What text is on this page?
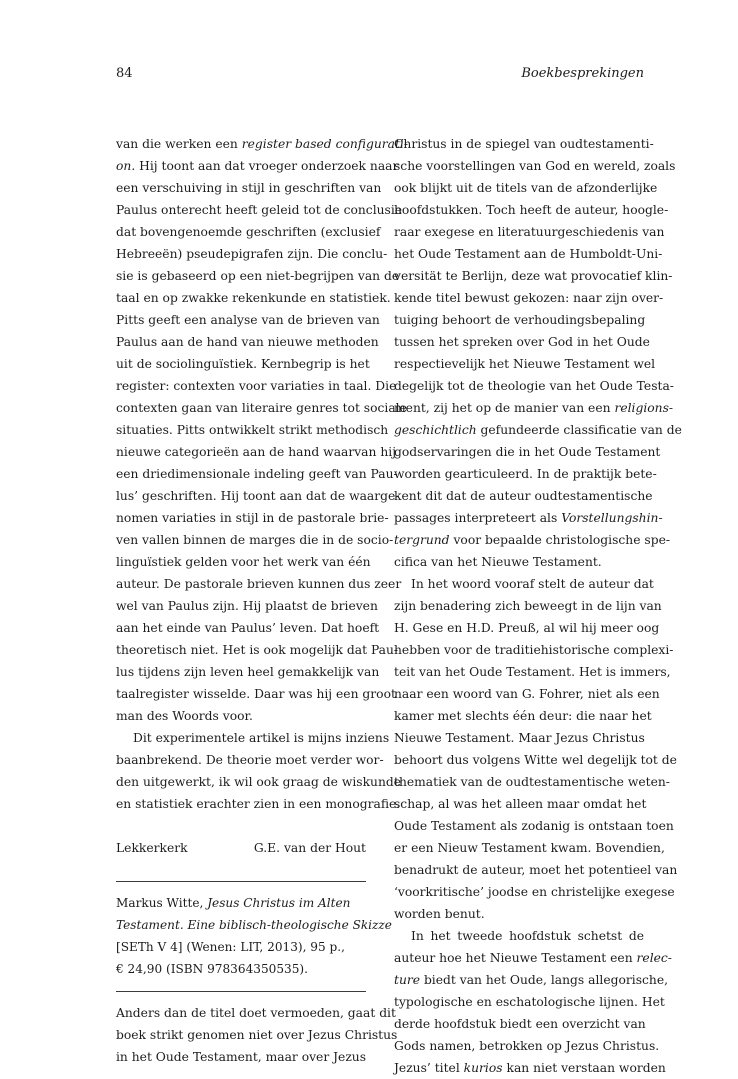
84	Boekbesprekingen
van die werken een register based configurati-
on. Hij toont aan dat vroeger onderzoek naar
een verschuiving in stijl in geschriften van
Paulus onterecht heeft geleid tot de conclusie
dat bovengenoemde geschriften (exclusief
Hebreeën) pseudepigrafen zijn. Die conclu-
sie is gebaseerd op een niet-begrijpen van de
taal en op zwakke rekenkunde en statistiek.
Pitts geeft een analyse van de brieven van
Paulus aan de hand van nieuwe methoden
uit de sociolinguïstiek. Kernbegrip is het
register: contexten voor variaties in taal. Die
contexten gaan van literaire genres tot sociale
situaties. Pitts ontwikkelt strikt methodisch
nieuwe categorieën aan de hand waarvan hij
een driedimensionale indeling geeft van Pau-
lus’ geschriften. Hij toont aan dat de waarge-
nomen variaties in stijl in de pastorale brie-
ven vallen binnen de marges die in de socio-
linguïstiek gelden voor het werk van één
auteur. De pastorale brieven kunnen dus zeer
wel van Paulus zijn. Hij plaatst de brieven
aan het einde van Paulus’ leven. Dat hoeft
theoretisch niet. Het is ook mogelijk dat Pau-
lus tijdens zijn leven heel gemakkelijk van
taalregister wisselde. Daar was hij een groot
man des Woords voor.
Dit experimentele artikel is mijns inziens
baanbrekend. De theorie moet verder wor-
den uitgewerkt, ik wil ook graag de wiskunde
en statistiek erachter zien in een monografie.
Lekkerkerk	G.E. van der Hout
Markus Witte, Jesus Christus im Alten
Testament. Eine biblisch-theologische Skizze
[SETh V 4] (Wenen: LIT, 2013), 95 p.,
€ 24,90 (ISBN 978364350535).
Anders dan de titel doet vermoeden, gaat dit
boek strikt genomen niet over Jezus Christus
in het Oude Testament, maar over Jezus
Christus in de spiegel van oudtestamenti-
sche voorstellingen van God en wereld, zoals
ook blijkt uit de titels van de afzonderlijke
hoofdstukken. Toch heeft de auteur, hoogle-
raar exegese en literatuurgeschiedenis van
het Oude Testament aan de Humboldt-Uni-
versität te Berlijn, deze wat provocatief klin-
kende titel bewust gekozen: naar zijn over-
tuiging behoort de verhoudingsbepaling
tussen het spreken over God in het Oude
respectievelijk het Nieuwe Testament wel
degelijk tot de theologie van het Oude Testa-
ment, zij het op de manier van een religions-
geschichtlich gefundeerde classificatie van de
godservaringen die in het Oude Testament
worden gearticuleerd. In de praktijk bete-
kent dit dat de auteur oudtestamentische
passages interpreteert als Vorstellungshin-
tergrund voor bepaalde christologische spe-
cifica van het Nieuwe Testament.
In het woord vooraf stelt de auteur dat
zijn benadering zich beweegt in de lijn van
H. Gese en H.D. Preuß, al wil hij meer oog
hebben voor de traditiehistorische complexi-
teit van het Oude Testament. Het is immers,
naar een woord van G. Fohrer, niet als een
kamer met slechts één deur: die naar het
Nieuwe Testament. Maar Jezus Christus
behoort dus volgens Witte wel degelijk tot de
thematiek van de oudtestamentische weten-
schap, al was het alleen maar omdat het
Oude Testament als zodanig is ontstaan toen
er een Nieuw Testament kwam. Bovendien,
benadrukt de auteur, moet het potentieel van
‘voorkritische’ joodse en christelijke exegese
worden benut.
In het tweede hoofdstuk schetst de
auteur hoe het Nieuwe Testament een relec-
ture biedt van het Oude, langs allegorische,
typologische en eschatologische lijnen. Het
derde hoofdstuk biedt een overzicht van
Gods namen, betrokken op Jezus Christus.
Jezus’ titel kurios kan niet verstaan worden
